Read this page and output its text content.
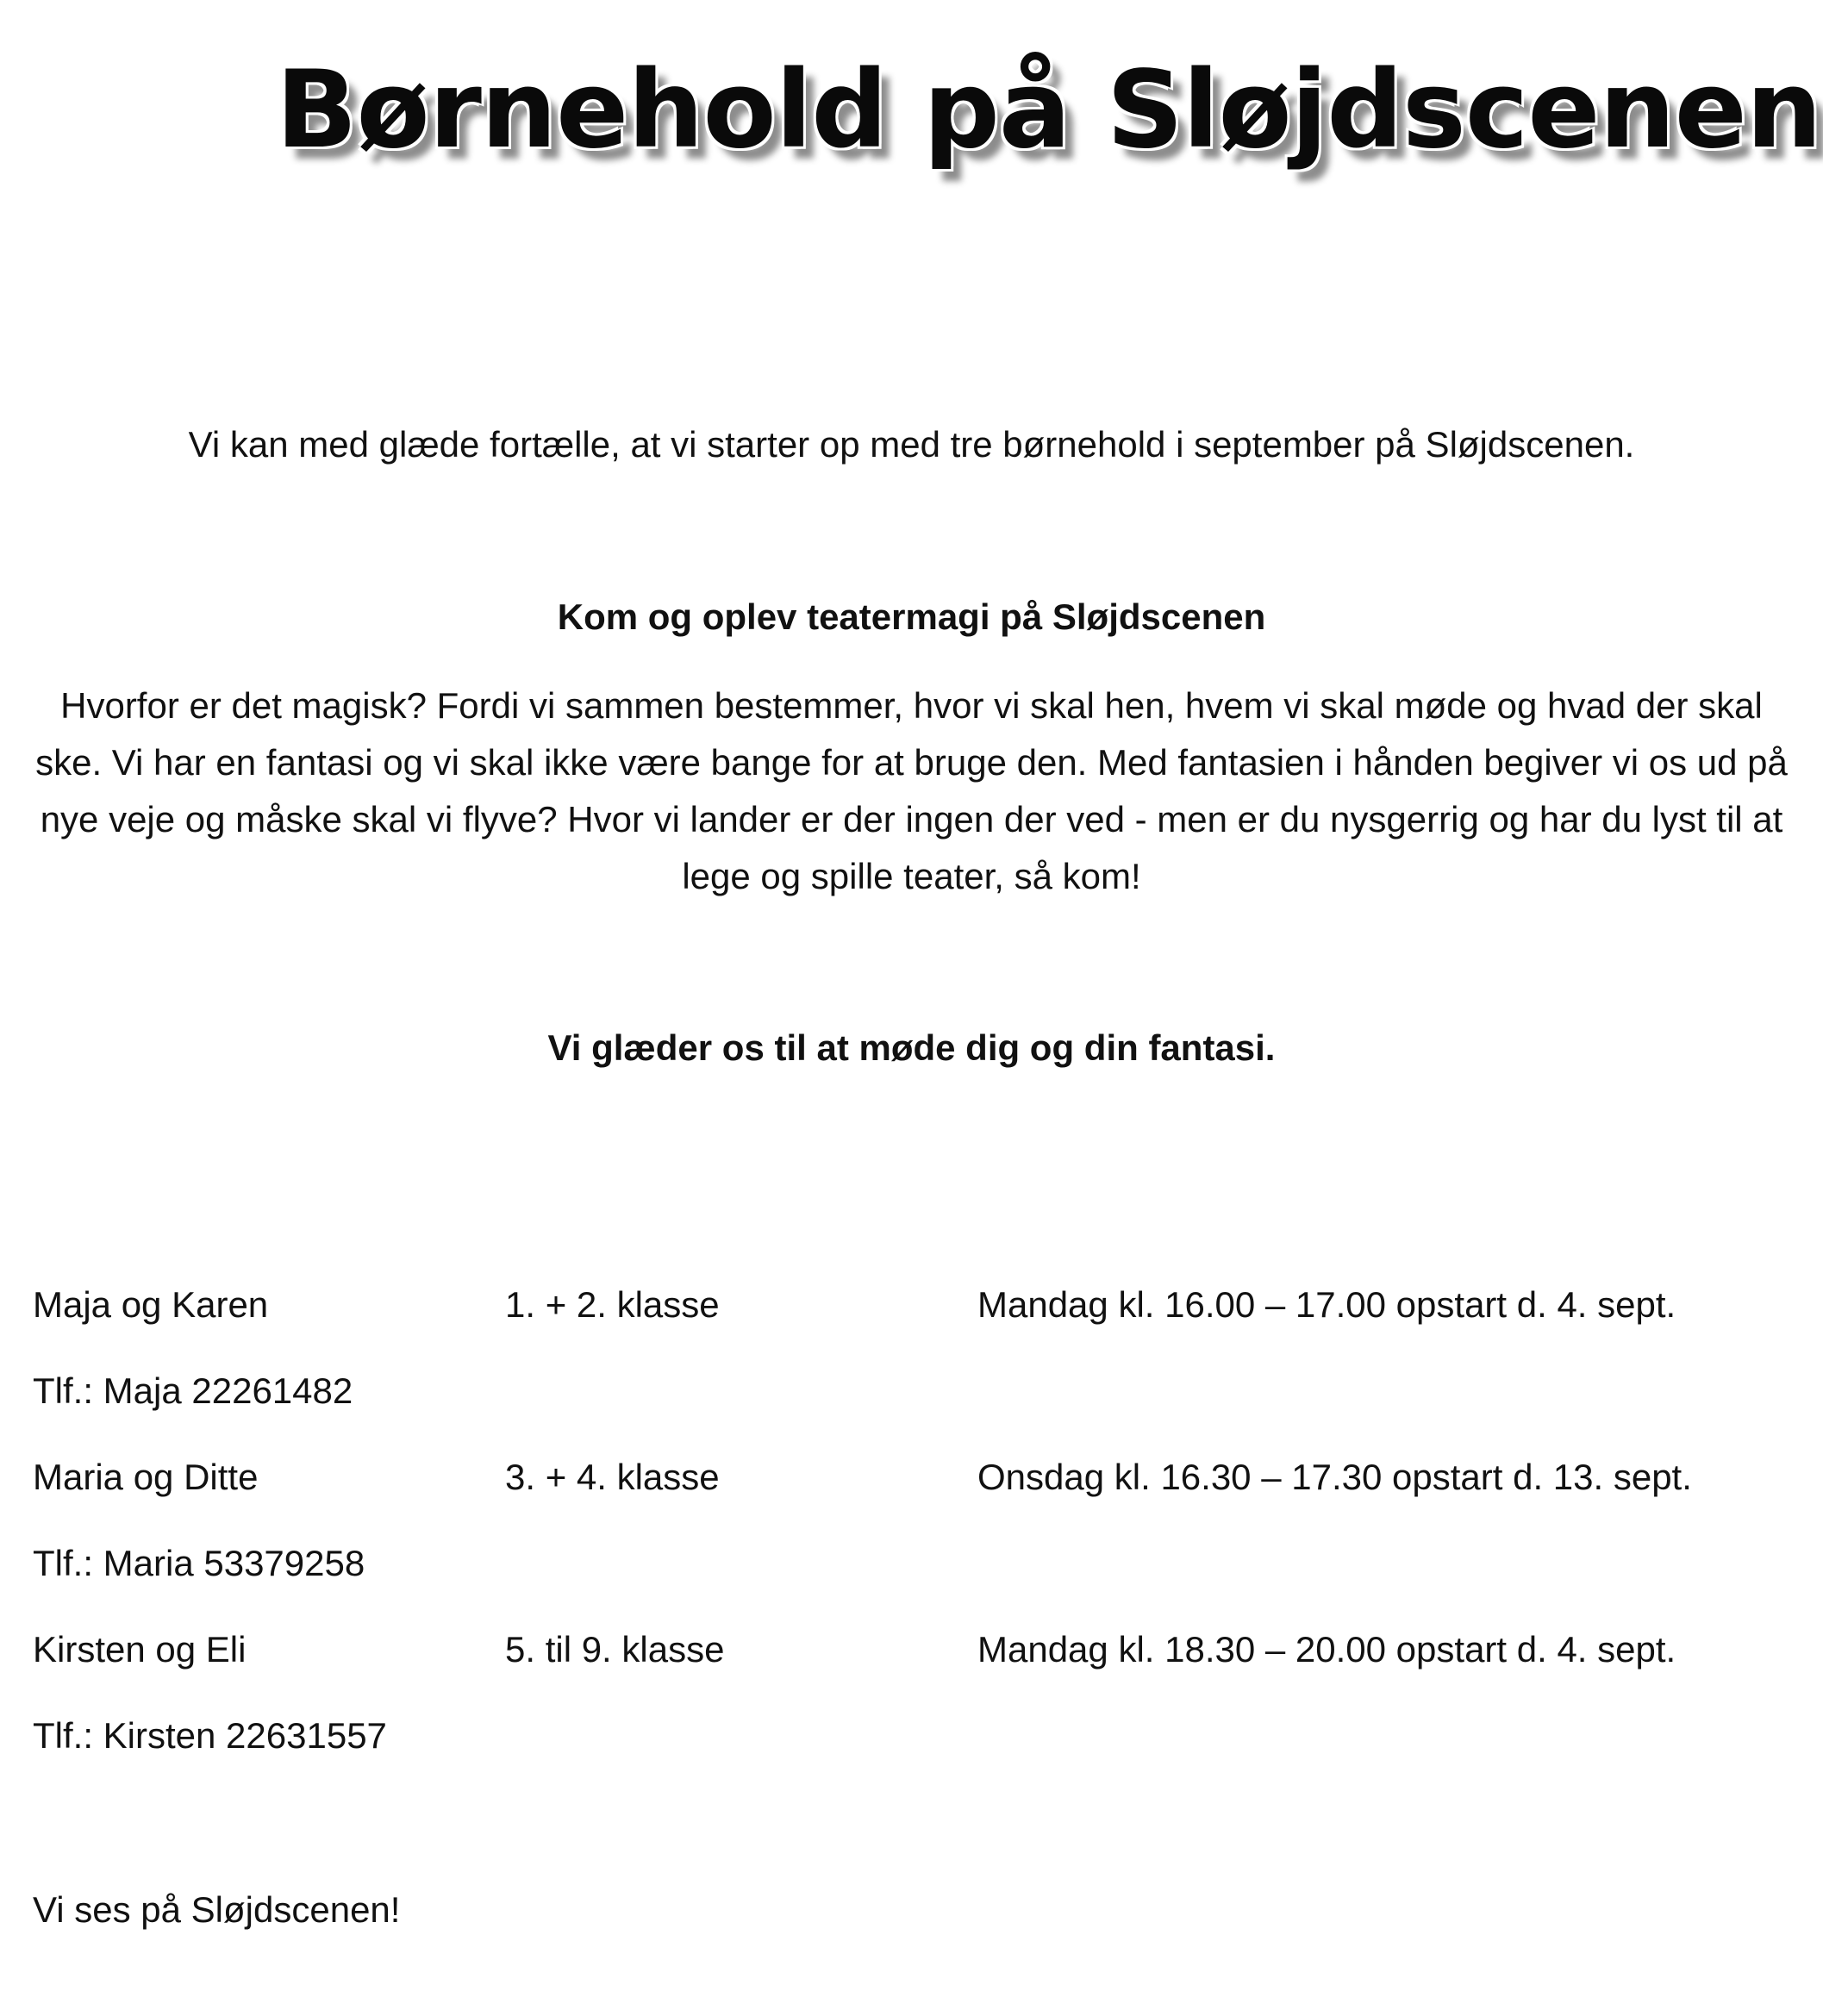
Børnehold på Sløjdscenen

Vi kan med glæde fortælle, at vi starter op med tre børnehold i september på Sløjdscenen.

Kom og oplev teatermagi på Sløjdscenen

Hvorfor er det magisk? Fordi vi sammen bestemmer, hvor vi skal hen, hvem vi skal møde og hvad der skal ske. Vi har en fantasi og vi skal ikke være bange for at bruge den. Med fantasien i hånden begiver vi os ud på nye veje og måske skal vi flyve? Hvor vi lander er der ingen der ved - men er du nysgerrig og har du lyst til at lege og spille teater, så kom!

Vi glæder os til at møde dig og din fantasi.

Maja og Karen	1. + 2. klasse	Mandag kl. 16.00 – 17.00 opstart d. 4. sept.
Tlf.: Maja 22261482
Maria og Ditte	3. + 4. klasse	Onsdag kl. 16.30 – 17.30 opstart d. 13. sept.
Tlf.: Maria 53379258
Kirsten og Eli	5. til 9. klasse	Mandag kl. 18.30 – 20.00 opstart d. 4. sept.
Tlf.: Kirsten 22631557

Vi ses på Sløjdscenen!
